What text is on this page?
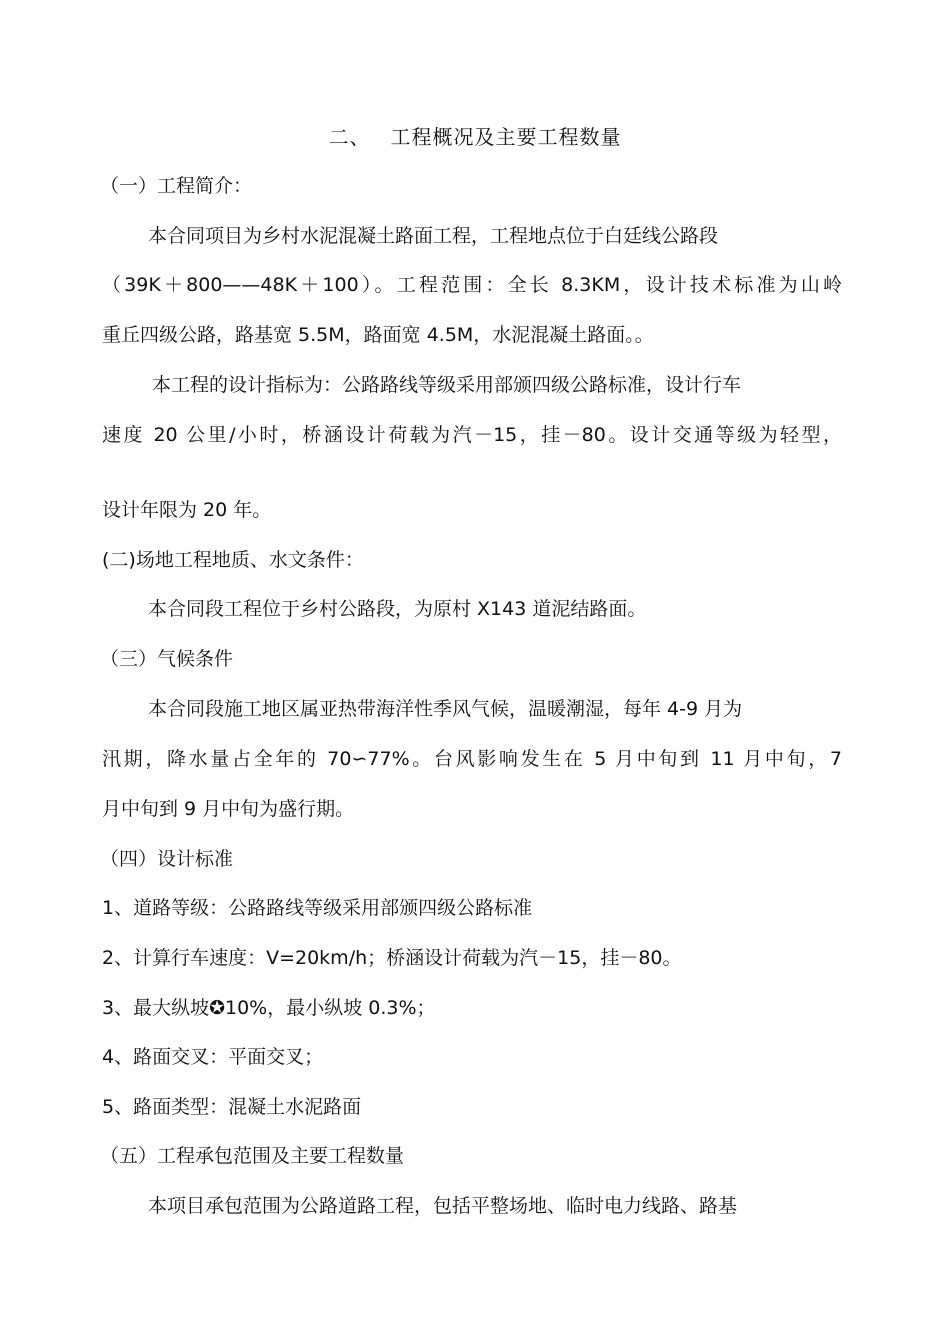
二、 工程概况及主要工程数量
（一）工程简介：
本合同项目为乡村水泥混凝土路面工程，工程地点位于白廷线公路段
（39K＋800——48K＋100）。工程范围：全长 8.3KM，设计技术标准为山岭
重丘四级公路，路基宽 5.5M，路面宽 4.5M，水泥混凝土路面。。
本工程的设计指标为：公路路线等级采用部颁四级公路标准，设计行车
速度 20 公里/小时，桥涵设计荷载为汽－15，挂－80。设计交通等级为轻型，
设计年限为 20 年。
(二)场地工程地质、水文条件：
本合同段工程位于乡村公路段，为原村 X143 道泥结路面。
（三）气候条件
本合同段施工地区属亚热带海洋性季风气候，温暖潮湿，每年 4-9 月为
汛期，降水量占全年的 70∽77%。台风影响发生在 5 月中旬到 11 月中旬，7
月中旬到 9 月中旬为盛行期。
（四）设计标准
1、道路等级：公路路线等级采用部颁四级公路标准
2、计算行车速度：V=20km/h；桥涵设计荷载为汽－15，挂－80。
3、最大纵坡✪10%，最小纵坡 0.3%；
4、路面交叉：平面交叉；
5、路面类型：混凝土水泥路面
（五）工程承包范围及主要工程数量
本项目承包范围为公路道路工程，包括平整场地、临时电力线路、路基
